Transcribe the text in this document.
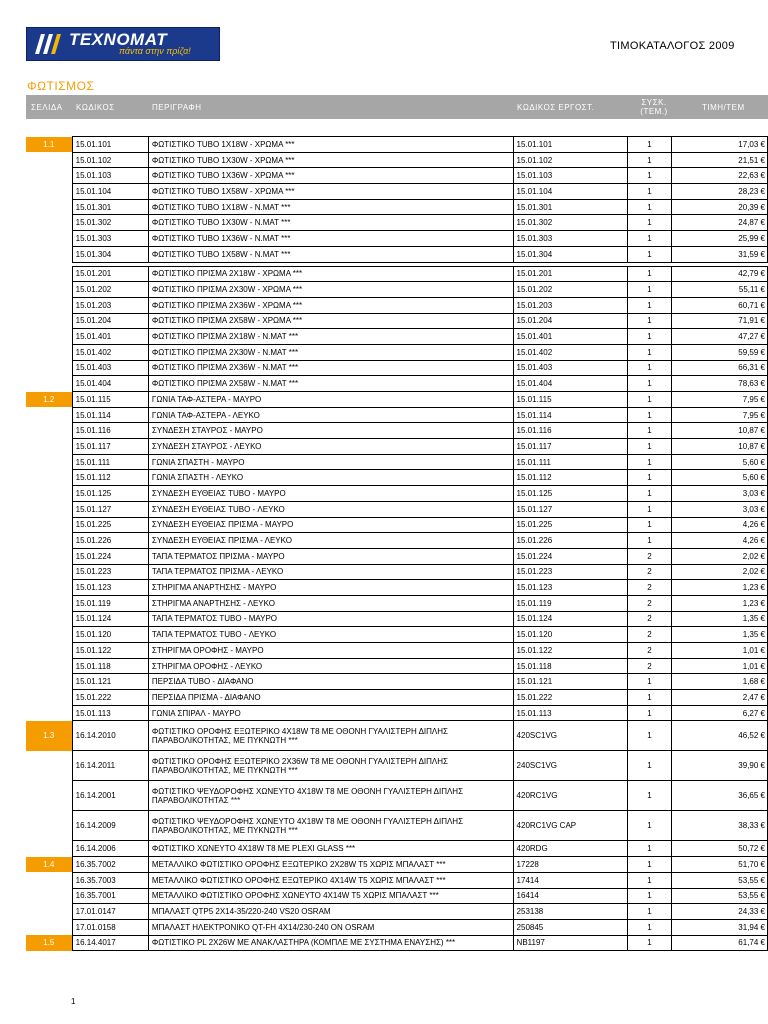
ТЕХNOMAT
πάντα στην πρίζα!	ΤΙΜΟΚΑΤΑΛΟΓΟΣ 2009
ΦΩΤΙΣΜΟΣ
ΣΕΛΙΔΑ ΚΩΔΙΚΟΣ	ΠΕΡΙΓΡΑΦΗ	ΚΩΔΙΚΟΣ ΕΡΓΟΣΤ.	ΣΥΣΚ.
(ΤΕΜ.)	ΤΙΜΗ/ΤΕΜ
1.1	15.01.101	ΦΩΤΙΣΤΙΚΟ TUBO 1X18W - ΧΡΩΜΑ ***	15.01.101	1	17,03 €
	15.01.102	ΦΩΤΙΣΤΙΚΟ TUBO 1X30W - ΧΡΩΜΑ ***	15.01.102	1	21,51 €
	15.01.103	ΦΩΤΙΣΤΙΚΟ TUBO 1X36W - ΧΡΩΜΑ ***	15.01.103	1	22,63 €
	15.01.104	ΦΩΤΙΣΤΙΚΟ TUBO 1X58W - ΧΡΩΜΑ ***	15.01.104	1	28,23 €
	15.01.301	ΦΩΤΙΣΤΙΚΟ TUBO 1X18W - Ν.ΜΑΤ ***	15.01.301	1	20,39 €
	15.01.302	ΦΩΤΙΣΤΙΚΟ TUBO 1X30W - Ν.ΜΑΤ ***	15.01.302	1	24,87 €
	15.01.303	ΦΩΤΙΣΤΙΚΟ TUBO 1X36W - Ν.ΜΑΤ ***	15.01.303	1	25,99 €
	15.01.304	ΦΩΤΙΣΤΙΚΟ TUBO 1X58W - Ν.ΜΑΤ ***	15.01.304	1	31,59 €

	15.01.201	ΦΩΤΙΣΤΙΚΟ ΠΡΙΣΜΑ 2X18W - ΧΡΩΜΑ ***	15.01.201	1	42,79 €
	15.01.202	ΦΩΤΙΣΤΙΚΟ ΠΡΙΣΜΑ 2X30W - ΧΡΩΜΑ ***	15.01.202	1	55,11 €
	15.01.203	ΦΩΤΙΣΤΙΚΟ ΠΡΙΣΜΑ 2X36W - ΧΡΩΜΑ ***	15.01.203	1	60,71 €
	15.01.204	ΦΩΤΙΣΤΙΚΟ ΠΡΙΣΜΑ 2X58W - ΧΡΩΜΑ ***	15.01.204	1	71,91 €
	15.01.401	ΦΩΤΙΣΤΙΚΟ ΠΡΙΣΜΑ 2X18W - Ν.ΜΑΤ ***	15.01.401	1	47,27 €
	15.01.402	ΦΩΤΙΣΤΙΚΟ ΠΡΙΣΜΑ 2X30W - Ν.ΜΑΤ ***	15.01.402	1	59,59 €
	15.01.403	ΦΩΤΙΣΤΙΚΟ ΠΡΙΣΜΑ 2X36W - Ν.ΜΑΤ ***	15.01.403	1	66,31 €
	15.01.404	ΦΩΤΙΣΤΙΚΟ ΠΡΙΣΜΑ 2X58W - Ν.ΜΑΤ ***	15.01.404	1	78,63 €
1.2	15.01.115	ΓΩΝΙΑ ΤΑΦ-ΑΣΤΕΡΑ - ΜΑΥΡΟ	15.01.115	1	7,95 €
	15.01.114	ΓΩΝΙΑ ΤΑΦ-ΑΣΤΕΡΑ - ΛΕΥΚΟ	15.01.114	1	7,95 €
	15.01.116	ΣΥΝΔΕΣΗ ΣΤΑΥΡΟΣ - ΜΑΥΡΟ	15.01.116	1	10,87 €
	15.01.117	ΣΥΝΔΕΣΗ ΣΤΑΥΡΟΣ - ΛΕΥΚΟ	15.01.117	1	10,87 €
	15.01.111	ΓΩΝΙΑ ΣΠΑΣΤΗ - ΜΑΥΡΟ	15.01.111	1	5,60 €
	15.01.112	ΓΩΝΙΑ ΣΠΑΣΤΗ - ΛΕΥΚΟ	15.01.112	1	5,60 €
	15.01.125	ΣΥΝΔΕΣΗ ΕΥΘΕΙΑΣ TUBO - ΜΑΥΡΟ	15.01.125	1	3,03 €
	15.01.127	ΣΥΝΔΕΣΗ ΕΥΘΕΙΑΣ TUBO - ΛΕΥΚΟ	15.01.127	1	3,03 €
	15.01.225	ΣΥΝΔΕΣΗ ΕΥΘΕΙΑΣ ΠΡΙΣΜΑ - ΜΑΥΡΟ	15.01.225	1	4,26 €
	15.01.226	ΣΥΝΔΕΣΗ ΕΥΘΕΙΑΣ ΠΡΙΣΜΑ - ΛΕΥΚΟ	15.01.226	1	4,26 €
	15.01.224	ΤΑΠΑ ΤΕΡΜΑΤΟΣ ΠΡΙΣΜΑ - ΜΑΥΡΟ	15.01.224	2	2,02 €
	15.01.223	ΤΑΠΑ ΤΕΡΜΑΤΟΣ ΠΡΙΣΜΑ - ΛΕΥΚΟ	15.01.223	2	2,02 €
	15.01.123	ΣΤΗΡΙΓΜΑ ΑΝΑΡΤΗΣΗΣ - ΜΑΥΡΟ	15.01.123	2	1,23 €
	15.01.119	ΣΤΗΡΙΓΜΑ ΑΝΑΡΤΗΣΗΣ - ΛΕΥΚΟ	15.01.119	2	1,23 €
	15.01.124	ΤΑΠΑ ΤΕΡΜΑΤΟΣ TUBO - ΜΑΥΡΟ	15.01.124	2	1,35 €
	15.01.120	ΤΑΠΑ ΤΕΡΜΑΤΟΣ TUBO - ΛΕΥΚΟ	15.01.120	2	1,35 €
	15.01.122	ΣΤΗΡΙΓΜΑ ΟΡΟΦΗΣ - ΜΑΥΡΟ	15.01.122	2	1,01 €
	15.01.118	ΣΤΗΡΙΓΜΑ ΟΡΟΦΗΣ - ΛΕΥΚΟ	15.01.118	2	1,01 €
	15.01.121	ΠΕΡΣΙΔΑ TUBO - ΔΙΑΦΑΝΟ	15.01.121	1	1,68 €
	15.01.222	ΠΕΡΣΙΔΑ ΠΡΙΣΜΑ - ΔΙΑΦΑΝΟ	15.01.222	1	2,47 €
	15.01.113	ΓΩΝΙΑ ΣΠΙΡΑΛ - ΜΑΥΡΟ	15.01.113	1	6,27 €
1.3	16.14.2010	ΦΩΤΙΣΤΙΚΟ ΟΡΟΦΗΣ ΕΞΩΤΕΡΙΚΟ 4X18W T8 ΜΕ ΟΘΟΝΗ ΓΥΑΛΙΣΤΕΡΗ ΔΙΠΛΗΣ ΠΑΡΑΒΟΛΙΚΟΤΗΤΑΣ, ΜΕ ΠΥΚΝΩΤΗ ***	420SC1VG	1	46,52 €
	16.14.2011	ΦΩΤΙΣΤΙΚΟ ΟΡΟΦΗΣ ΕΞΩΤΕΡΙΚΟ 2X36W T8 ΜΕ ΟΘΟΝΗ ΓΥΑΛΙΣΤΕΡΗ ΔΙΠΛΗΣ ΠΑΡΑΒΟΛΙΚΟΤΗΤΑΣ, ΜΕ ΠΥΚΝΩΤΗ ***	240SC1VG	1	39,90 €
	16.14.2001	ΦΩΤΙΣΤΙΚΟ ΨΕΥΔΟΡΟΦΗΣ ΧΩΝΕΥΤΟ 4X18W T8 ΜΕ ΟΘΟΝΗ ΓΥΑΛΙΣΤΕΡΗ ΔΙΠΛΗΣ ΠΑΡΑΒΟΛΙΚΟΤΗΤΑΣ ***	420RC1VG	1	36,65 €
	16.14.2009	ΦΩΤΙΣΤΙΚΟ ΨΕΥΔΟΡΟΦΗΣ ΧΩΝΕΥΤΟ 4X18W T8 ΜΕ ΟΘΟΝΗ ΓΥΑΛΙΣΤΕΡΗ ΔΙΠΛΗΣ ΠΑΡΑΒΟΛΙΚΟΤΗΤΑΣ, ΜΕ ΠΥΚΝΩΤΗ ***	420RC1VG CAP	1	38,33 €
	16.14.2006	ΦΩΤΙΣΤΙΚΟ ΧΩΝΕΥΤΟ 4X18W T8 ΜΕ PLEXI GLASS ***	420RDG	1	50,72 €
1.4	16.35.7002	ΜΕΤΑΛΛΙΚΟ ΦΩΤΙΣΤΙΚΟ ΟΡΟΦΗΣ ΕΞΩΤΕΡΙΚΟ 2X28W T5 ΧΩΡΙΣ ΜΠΑΛΑΣΤ ***	17228	1	51,70 €
	16.35.7003	ΜΕΤΑΛΛΙΚΟ ΦΩΤΙΣΤΙΚΟ ΟΡΟΦΗΣ ΕΞΩΤΕΡΙΚΟ 4X14W T5 ΧΩΡΙΣ ΜΠΑΛΑΣΤ ***	17414	1	53,55 €
	16.35.7001	ΜΕΤΑΛΛΙΚΟ ΦΩΤΙΣΤΙΚΟ ΟΡΟΦΗΣ ΧΩΝΕΥΤΟ 4X14W T5 ΧΩΡΙΣ ΜΠΑΛΑΣΤ ***	16414	1	53,55 €
	17.01.0147	ΜΠΑΛΑΣΤ QTP5 2X14-35/220-240 VS20 OSRAM	253138	1	24,33 €
	17.01.0158	ΜΠΑΛΑΣΤ ΗΛΕΚΤΡΟΝΙΚΟ QT-FH 4X14/230-240 ΟΝ OSRAM	250845	1	31,94 €
1.5	16.14.4017	ΦΩΤΙΣΤΙΚΟ PL 2X26W ΜΕ ΑΝΑΚΛΑΣΤΗΡΑ (ΚΟΜΠΛΕ ΜΕ ΣΥΣΤΗΜΑ ΕΝΑΥΣΗΣ) ***	NB1197	1	61,74 €
1
